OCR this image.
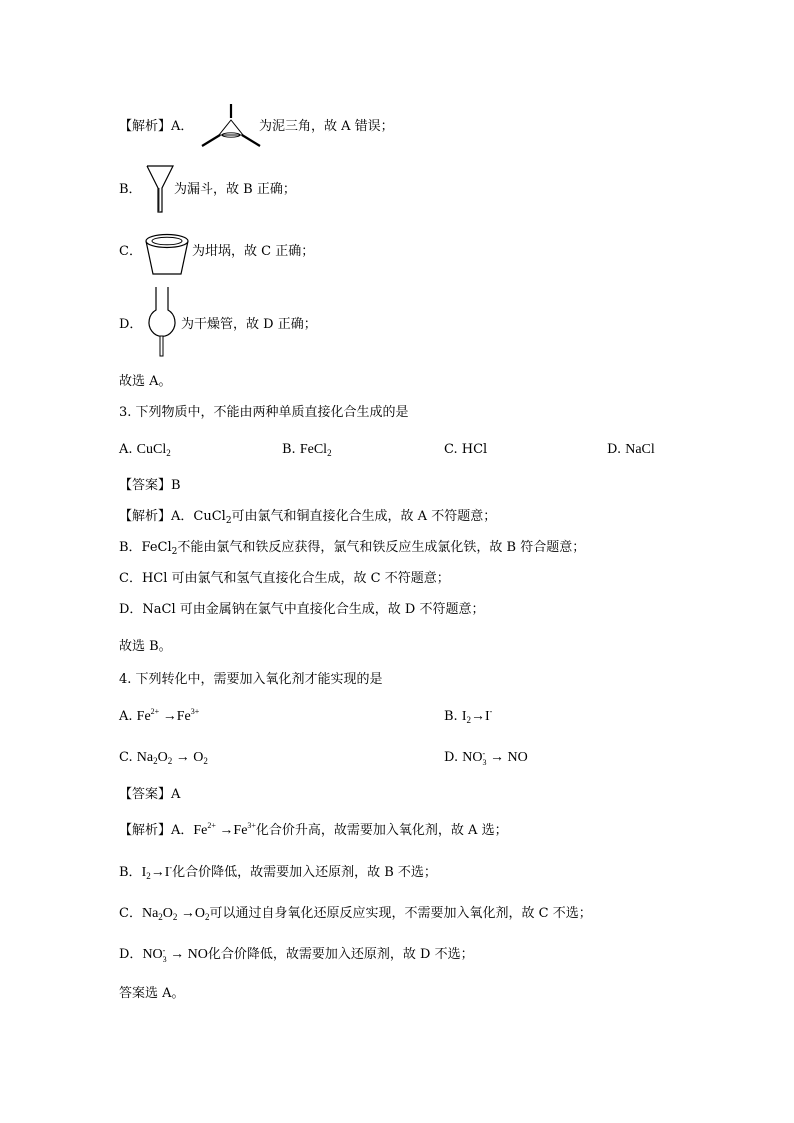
【解析】A．	为泥三角，故 A 错误；
B． 为漏斗，故 B 正确；
C．	为坩埚，故 C 正确；
D．	为干燥管，故 D 正确；
故选 A。
3. 下列物质中，不能由两种单质直接化合生成的是
A. CuCl$_2$	B. FeCl$_2$	C. HCl	D. NaCl
【答案】B
【解析】A．CuCl$_2$可由氯气和铜直接化合生成，故 A 不符题意；
B．FeCl$_2$不能由氯气和铁反应获得，氯气和铁反应生成氯化铁，故 B 符合题意；
C．HCl 可由氯气和氢气直接化合生成，故 C 不符题意；
D．NaCl 可由金属钠在氯气中直接化合生成，故 D 不符题意；
故选 B。
4. 下列转化中，需要加入氧化剂才能实现的是
A. $Fe^{2+} \to Fe^{3+}$	B. $I_2\to I^-$
C. $Na_2O_2 \to O_2$	D. NO -
3 → NO
【答案】A
【解析】A．$Fe^{2+} \to Fe^{3+}$化合价升高，故需要加入氧化剂，故 A 选；
B．$I_2\to I^-$化合价降低，故需要加入还原剂，故 B 不选；
C．$Na_2O_2 \to O_2$可以通过自身氧化还原反应实现，不需要加入氧化剂，故 C 不选；
D．NO -
3 → NO化合价降低，故需要加入还原剂，故 D 不选；
答案选 A。
